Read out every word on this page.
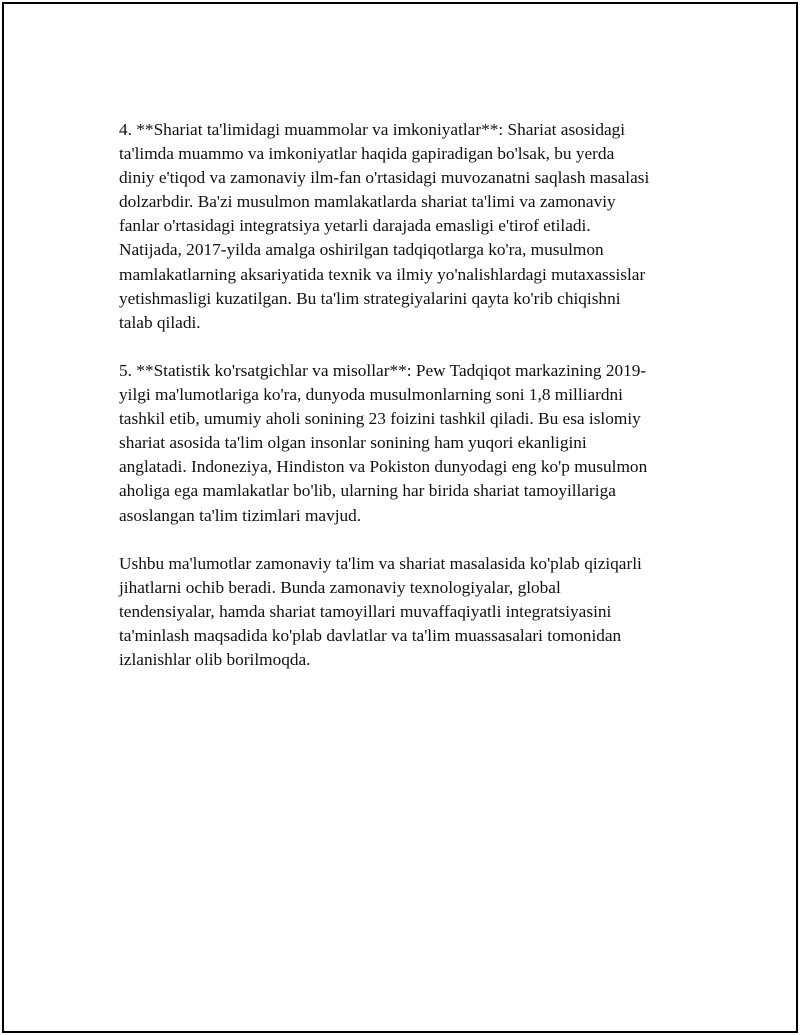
4. **Shariat ta'limidagi muammolar va imkoniyatlar**: Shariat asosidagi
ta'limda muammo va imkoniyatlar haqida gapiradigan bo'lsak, bu yerda
diniy e'tiqod va zamonaviy ilm-fan o'rtasidagi muvozanatni saqlash masalasi
dolzarbdir. Ba'zi musulmon mamlakatlarda shariat ta'limi va zamonaviy
fanlar o'rtasidagi integratsiya yetarli darajada emasligi e'tirof etiladi.
Natijada, 2017-yilda amalga oshirilgan tadqiqotlarga ko'ra, musulmon
mamlakatlarning aksariyatida texnik va ilmiy yo'nalishlardagi mutaxassislar
yetishmasligi kuzatilgan. Bu ta'lim strategiyalarini qayta ko'rib chiqishni
talab qiladi.

5. **Statistik ko'rsatgichlar va misollar**: Pew Tadqiqot markazining 2019-
yilgi ma'lumotlariga ko'ra, dunyoda musulmonlarning soni 1,8 milliardni
tashkil etib, umumiy aholi sonining 23 foizini tashkil qiladi. Bu esa islomiy
shariat asosida ta'lim olgan insonlar sonining ham yuqori ekanligini
anglatadi. Indoneziya, Hindiston va Pokiston dunyodagi eng ko'p musulmon
aholiga ega mamlakatlar bo'lib, ularning har birida shariat tamoyillariga
asoslangan ta'lim tizimlari mavjud.

Ushbu ma'lumotlar zamonaviy ta'lim va shariat masalasida ko'plab qiziqarli
jihatlarni ochib beradi. Bunda zamonaviy texnologiyalar, global
tendensiyalar, hamda shariat tamoyillari muvaffaqiyatli integratsiyasini
ta'minlash maqsadida ko'plab davlatlar va ta'lim muassasalari tomonidan
izlanishlar olib borilmoqda.
